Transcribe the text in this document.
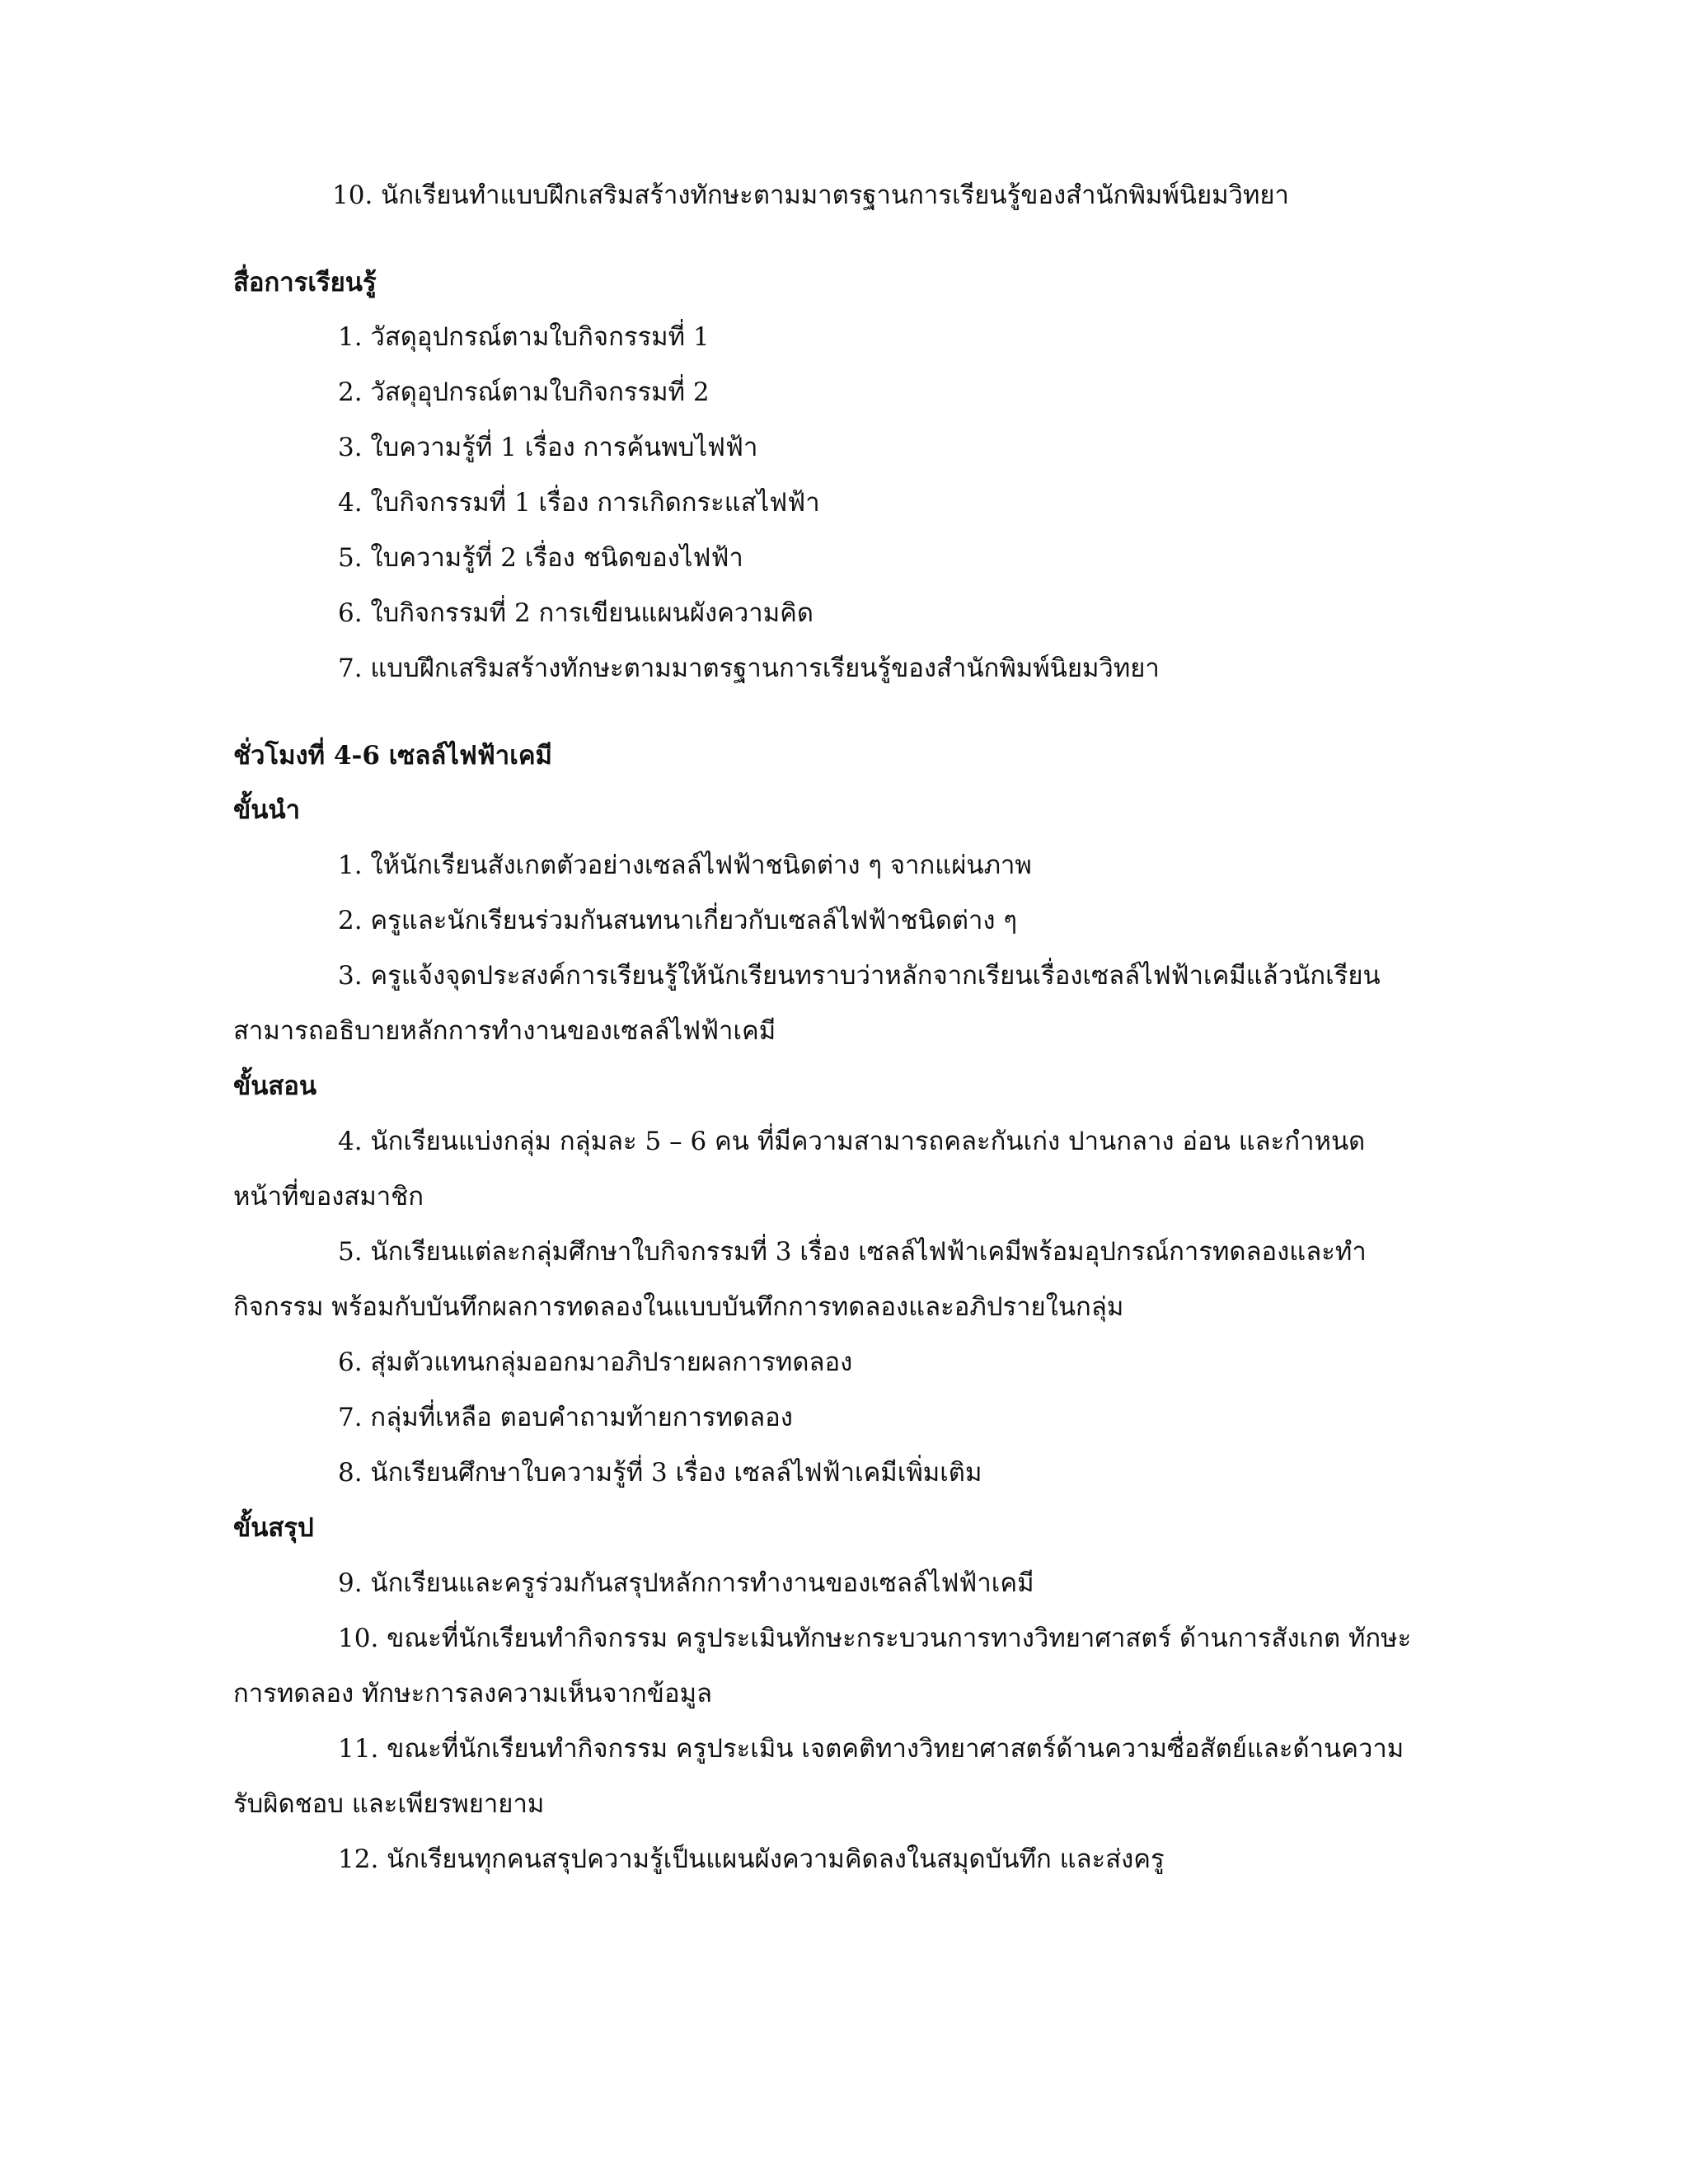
10. นักเรียนทำแบบฝึกเสริมสร้างทักษะตามมาตรฐานการเรียนรู้ของสำนักพิมพ์นิยมวิทยา
สื่อการเรียนรู้
1. วัสดุอุปกรณ์ตามใบกิจกรรมที่ 1
2. วัสดุอุปกรณ์ตามใบกิจกรรมที่ 2
3. ใบความรู้ที่ 1 เรื่อง การค้นพบไฟฟ้า
4. ใบกิจกรรมที่ 1 เรื่อง การเกิดกระแสไฟฟ้า
5. ใบความรู้ที่ 2 เรื่อง ชนิดของไฟฟ้า
6. ใบกิจกรรมที่ 2 การเขียนแผนผังความคิด
7. แบบฝึกเสริมสร้างทักษะตามมาตรฐานการเรียนรู้ของสำนักพิมพ์นิยมวิทยา
ชั่วโมงที่ 4-6 เซลล์ไฟฟ้าเคมี
ขั้นนำ
1. ให้นักเรียนสังเกตตัวอย่างเซลล์ไฟฟ้าชนิดต่าง ๆ จากแผ่นภาพ
2. ครูและนักเรียนร่วมกันสนทนาเกี่ยวกับเซลล์ไฟฟ้าชนิดต่าง ๆ
3. ครูแจ้งจุดประสงค์การเรียนรู้ให้นักเรียนทราบว่าหลักจากเรียนเรื่องเซลล์ไฟฟ้าเคมีแล้วนักเรียน
สามารถอธิบายหลักการทำงานของเซลล์ไฟฟ้าเคมี
ขั้นสอน
4. นักเรียนแบ่งกลุ่ม กลุ่มละ 5 – 6 คน ที่มีความสามารถคละกันเก่ง ปานกลาง อ่อน และกำหนด
หน้าที่ของสมาชิก
5. นักเรียนแต่ละกลุ่มศึกษาใบกิจกรรมที่ 3 เรื่อง เซลล์ไฟฟ้าเคมีพร้อมอุปกรณ์การทดลองและทำ
กิจกรรม พร้อมกับบันทึกผลการทดลองในแบบบันทึกการทดลองและอภิปรายในกลุ่ม
6. สุ่มตัวแทนกลุ่มออกมาอภิปรายผลการทดลอง
7. กลุ่มที่เหลือ ตอบคำถามท้ายการทดลอง
8. นักเรียนศึกษาใบความรู้ที่ 3 เรื่อง เซลล์ไฟฟ้าเคมีเพิ่มเติม
ขั้นสรุป
9. นักเรียนและครูร่วมกันสรุปหลักการทำงานของเซลล์ไฟฟ้าเคมี
10. ขณะที่นักเรียนทำกิจกรรม ครูประเมินทักษะกระบวนการทางวิทยาศาสตร์ ด้านการสังเกต ทักษะ
การทดลอง ทักษะการลงความเห็นจากข้อมูล
11. ขณะที่นักเรียนทำกิจกรรม ครูประเมิน เจตคติทางวิทยาศาสตร์ด้านความซื่อสัตย์และด้านความ
รับผิดชอบ และเพียรพยายาม
12. นักเรียนทุกคนสรุปความรู้เป็นแผนผังความคิดลงในสมุดบันทึก และส่งครู
